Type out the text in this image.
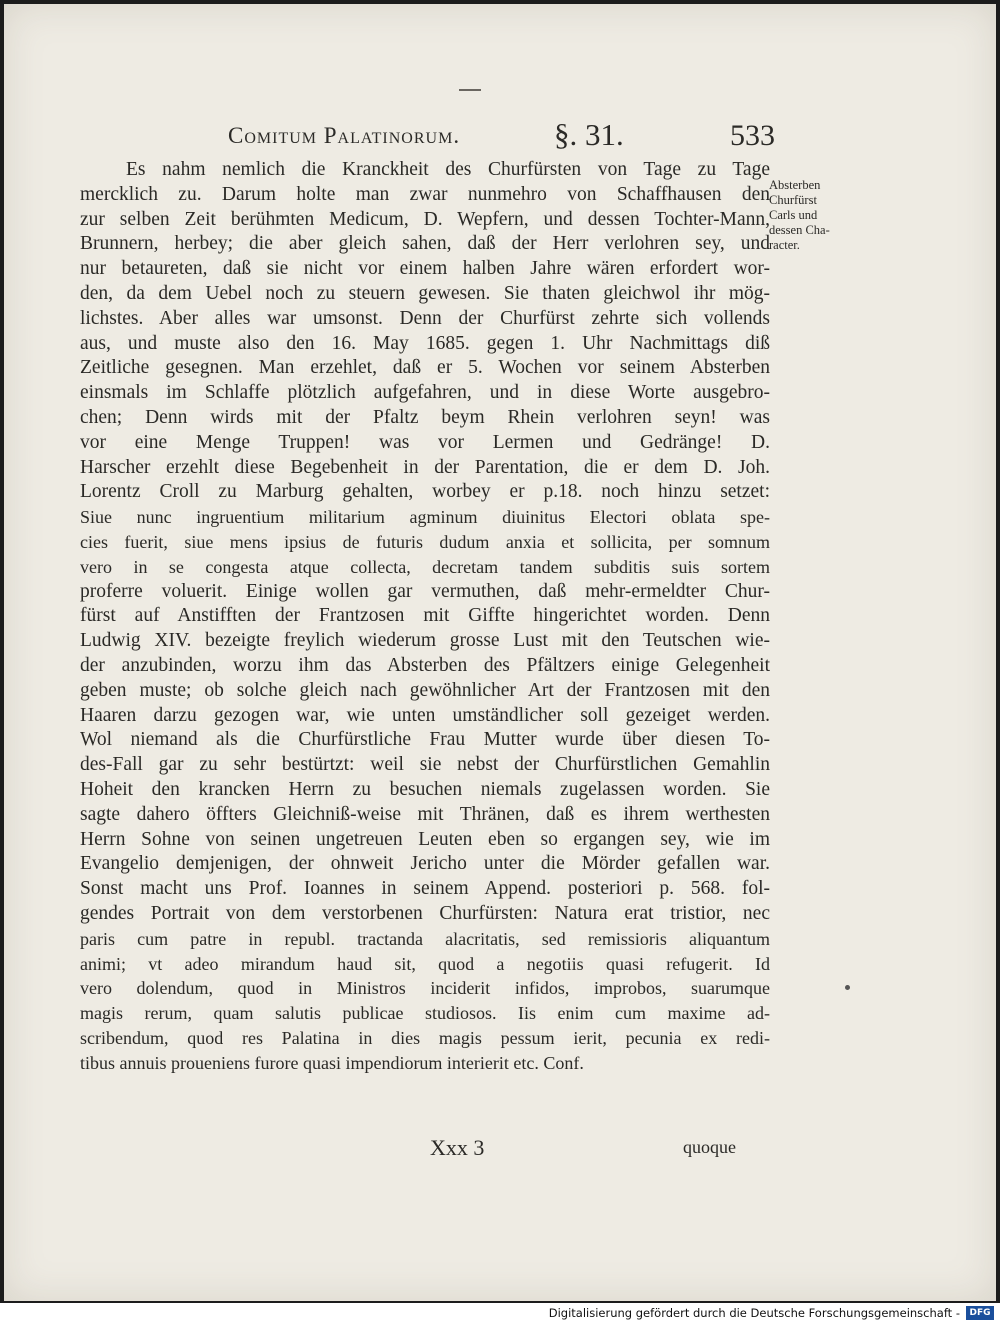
Comitum Palatinorum.	§. 31.	533
Es nahm nemlich die Kranckheit des Churfürsten von Tage zu Tage
mercklich zu. Darum holte man zwar nunmehro von Schaffhausen den
zur selben Zeit berühmten Medicum, D. Wepfern, und dessen Tochter-Mann,
Brunnern, herbey; die aber gleich sahen, daß der Herr verlohren sey, und
nur betaureten, daß sie nicht vor einem halben Jahre wären erfordert wor-
den, da dem Uebel noch zu steuern gewesen. Sie thaten gleichwol ihr mög-
lichstes. Aber alles war umsonst. Denn der Churfürst zehrte sich vollends
aus, und muste also den 16. May 1685. gegen 1. Uhr Nachmittags diß
Zeitliche gesegnen. Man erzehlet, daß er 5. Wochen vor seinem Absterben
einsmals im Schlaffe plötzlich aufgefahren, und in diese Worte ausgebro-
chen; Denn wirds mit der Pfaltz beym Rhein verlohren seyn! was
vor eine Menge Truppen! was vor Lermen und Gedränge! D.
Harscher erzehlt diese Begebenheit in der Parentation, die er dem D. Joh.
Lorentz Croll zu Marburg gehalten, worbey er p.18. noch hinzu setzet:
Siue nunc ingruentium militarium agminum diuinitus Electori oblata spe-
cies fuerit, siue mens ipsius de futuris dudum anxia et sollicita, per somnum
vero in se congesta atque collecta, decretam tandem subditis suis sortem
proferre voluerit. Einige wollen gar vermuthen, daß mehr-ermeldter Chur-
fürst auf Anstifften der Frantzosen mit Giffte hingerichtet worden. Denn
Ludwig XIV. bezeigte freylich wiederum grosse Lust mit den Teutschen wie-
der anzubinden, worzu ihm das Absterben des Pfältzers einige Gelegenheit
geben muste; ob solche gleich nach gewöhnlicher Art der Frantzosen mit den
Haaren darzu gezogen war, wie unten umständlicher soll gezeiget werden.
Wol niemand als die Churfürstliche Frau Mutter wurde über diesen To-
des-Fall gar zu sehr bestürtzt: weil sie nebst der Churfürstlichen Gemahlin
Hoheit den krancken Herrn zu besuchen niemals zugelassen worden. Sie
sagte dahero öffters Gleichniß-weise mit Thränen, daß es ihrem werthesten
Herrn Sohne von seinen ungetreuen Leuten eben so ergangen sey, wie im
Evangelio demjenigen, der ohnweit Jericho unter die Mörder gefallen war.
Sonst macht uns Prof. Ioannes in seinem Append. posteriori p. 568. fol-
gendes Portrait von dem verstorbenen Churfürsten: Natura erat tristior, nec
paris cum patre in republ. tractanda alacritatis, sed remissioris aliquantum
animi; vt adeo mirandum haud sit, quod a negotiis quasi refugerit. Id
vero dolendum, quod in Ministros inciderit infidos, improbos, suarumque
magis rerum, quam salutis publicae studiosos. Iis enim cum maxime ad-
scribendum, quod res Palatina in dies magis pessum ierit, pecunia ex redi-
tibus annuis proueniens furore quasi impendiorum interierit etc. Conf.
Absterben
Churfürst
Carls und
dessen Cha-
racter.
Xxx 3	quoque
Digitalisierung gefördert durch die Deutsche Forschungsgemeinschaft -	DFG
